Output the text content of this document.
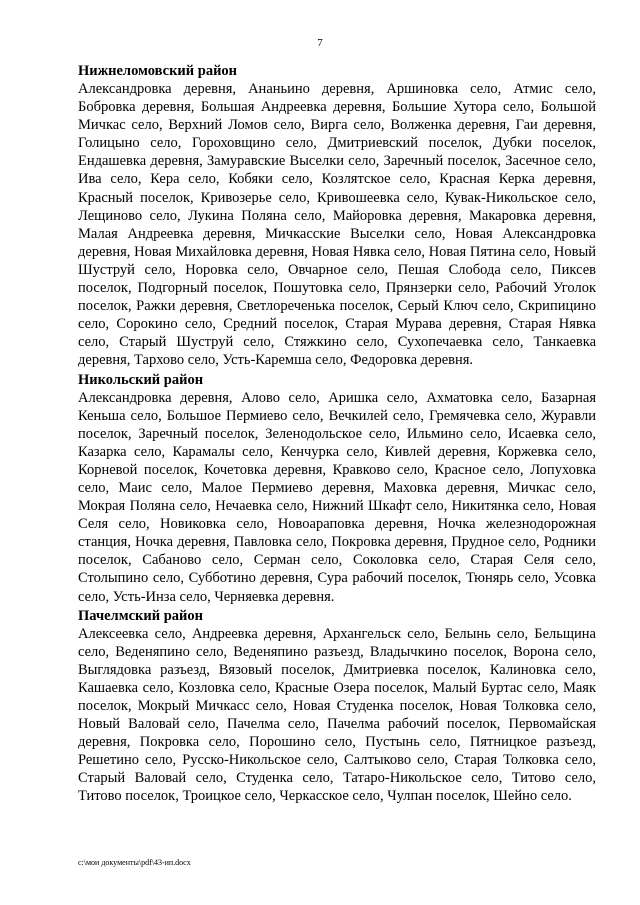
7

Нижнеломовский район

Александровка деревня, Ананьино деревня, Аршиновка село, Атмис село, Бобровка деревня, Большая Андреевка деревня, Большие Хутора село, Большой Мичкас село, Верхний Ломов село, Вирга село, Волженка деревня, Гаи деревня, Голицыно село, Гороховщино село, Дмитриевский поселок, Дубки поселок, Ендашевка деревня, Замуравские Выселки село, Заречный поселок, Засечное село, Ива село, Кера село, Кобяки село, Козлятское село, Красная Керка деревня, Красный поселок, Кривозерье село, Кривошеевка село, Кувак-Никольское село, Лещиново село, Лукина Поляна село, Майоровка деревня, Макаровка деревня, Малая Андреевка деревня, Мичкасские Выселки село, Новая Александровка деревня, Новая Михайловка деревня, Новая Нявка село, Новая Пятина село, Новый Шуструй село, Норовка село, Овчарное село, Пешая Слобода село, Пиксев поселок, Подгорный поселок, Пошутовка село, Прянзерки село, Рабочий Уголок поселок, Ражки деревня, Светлореченька поселок, Серый Ключ село, Скрипицино село, Сорокино село, Средний поселок, Старая Мурава деревня, Старая Нявка село, Старый Шуструй село, Стяжкино село, Сухопечаевка село, Танкаевка деревня, Тархово село, Усть-Каремша село, Федоровка деревня.

Никольский район

Александровка деревня, Алово село, Аришка село, Ахматовка село, Базарная Кеньша село, Большое Пермиево село, Вечкилей село, Гремячевка село, Журавли поселок, Заречный поселок, Зеленодольское село, Ильмино село, Исаевка село, Казарка село, Карамалы село, Кенчурка село, Кивлей деревня, Коржевка село, Корневой поселок, Кочетовка деревня, Кравково село, Красное село, Лопуховка село, Маис село, Малое Пермиево деревня, Маховка деревня, Мичкас село, Мокрая Поляна село, Нечаевка село, Нижний Шкафт село, Никитянка село, Новая Селя село, Новиковка село, Новоараповка деревня, Ночка железнодорожная станция, Ночка деревня, Павловка село, Покровка деревня, Прудное село, Родники поселок, Сабаново село, Серман село, Соколовка село, Старая Селя село, Столыпино село, Субботино деревня, Сура рабочий поселок, Тюнярь село, Усовка село, Усть-Инза село, Черняевка деревня.

Пачелмский район

Алексеевка село, Андреевка деревня, Архангельск село, Белынь село, Бельщина село, Веденяпино село, Веденяпино разъезд, Владычкино поселок, Ворона село, Выглядовка разъезд, Вязовый поселок, Дмитриевка поселок, Калиновка село, Кашаевка село, Козловка село, Красные Озера поселок, Малый Буртас село, Маяк поселок, Мокрый Мичкасс село, Новая Студенка поселок, Новая Толковка село, Новый Валовай село, Пачелма село, Пачелма рабочий поселок, Первомайская деревня, Покровка село, Порошино село, Пустынь село, Пятницкое разъезд, Решетино село, Русско-Никольское село, Салтыково село, Старая Толковка село, Старый Валовай село, Студенка село, Татаро-Никольское село, Титово село, Титово поселок, Троицкое село, Черкасское село, Чулпан поселок, Шейно село.

c:\мои документы\pdf\43-ип.docx
